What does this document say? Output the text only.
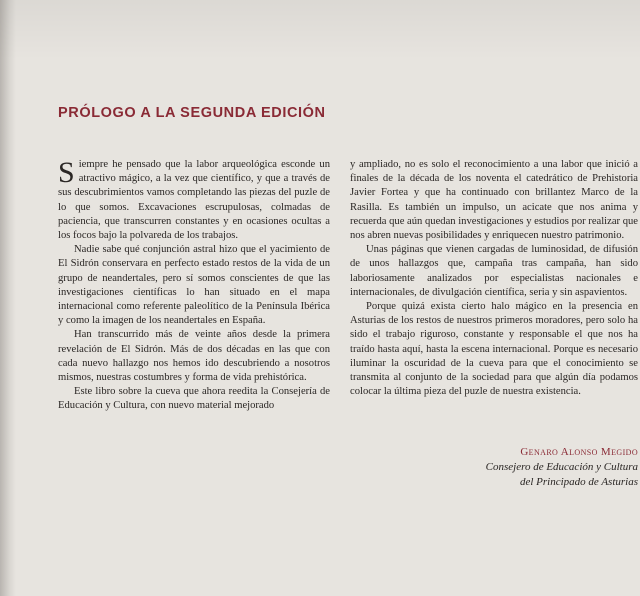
PRÓLOGO A LA SEGUNDA EDICIÓN

Siempre he pensado que la labor arqueológica esconde un atractivo mágico, a la vez que científico, y que a través de sus descubrimientos vamos completando las piezas del puzle de lo que somos. Excavaciones escrupulosas, colmadas de paciencia, que transcurren constantes y en ocasiones ocultas a los focos bajo la polvareda de los trabajos.

Nadie sabe qué conjunción astral hizo que el yacimiento de El Sidrón conservara en perfecto estado restos de la vida de un grupo de neandertales, pero sí somos conscientes de que las investigaciones científicas lo han situado en el mapa internacional como referente paleolítico de la Península Ibérica y como la imagen de los neandertales en España.

Han transcurrido más de veinte años desde la primera revelación de El Sidrón. Más de dos décadas en las que con cada nuevo hallazgo nos hemos ido descubriendo a nosotros mismos, nuestras costumbres y forma de vida prehistórica.

Este libro sobre la cueva que ahora reedita la Consejería de Educación y Cultura, con nuevo material mejorado

y ampliado, no es solo el reconocimiento a una labor que inició a finales de la década de los noventa el catedrático de Prehistoria Javier Fortea y que ha continuado con brillantez Marco de la Rasilla. Es también un impulso, un acicate que nos anima y recuerda que aún quedan investigaciones y estudios por realizar que nos abren nuevas posibilidades y enriquecen nuestro patrimonio.

Unas páginas que vienen cargadas de luminosidad, de difusión de unos hallazgos que, campaña tras campaña, han sido laboriosamente analizados por especialistas nacionales e internacionales, de divulgación científica, seria y sin aspavientos.

Porque quizá exista cierto halo mágico en la presencia en Asturias de los restos de nuestros primeros moradores, pero solo ha sido el trabajo riguroso, constante y responsable el que nos ha traído hasta aquí, hasta la escena internacional. Porque es necesario iluminar la oscuridad de la cueva para que el conocimiento se transmita al conjunto de la sociedad para que algún día podamos colocar la última pieza del puzle de nuestra existencia.

Genaro Alonso Megido
Consejero de Educación y Cultura
del Principado de Asturias
